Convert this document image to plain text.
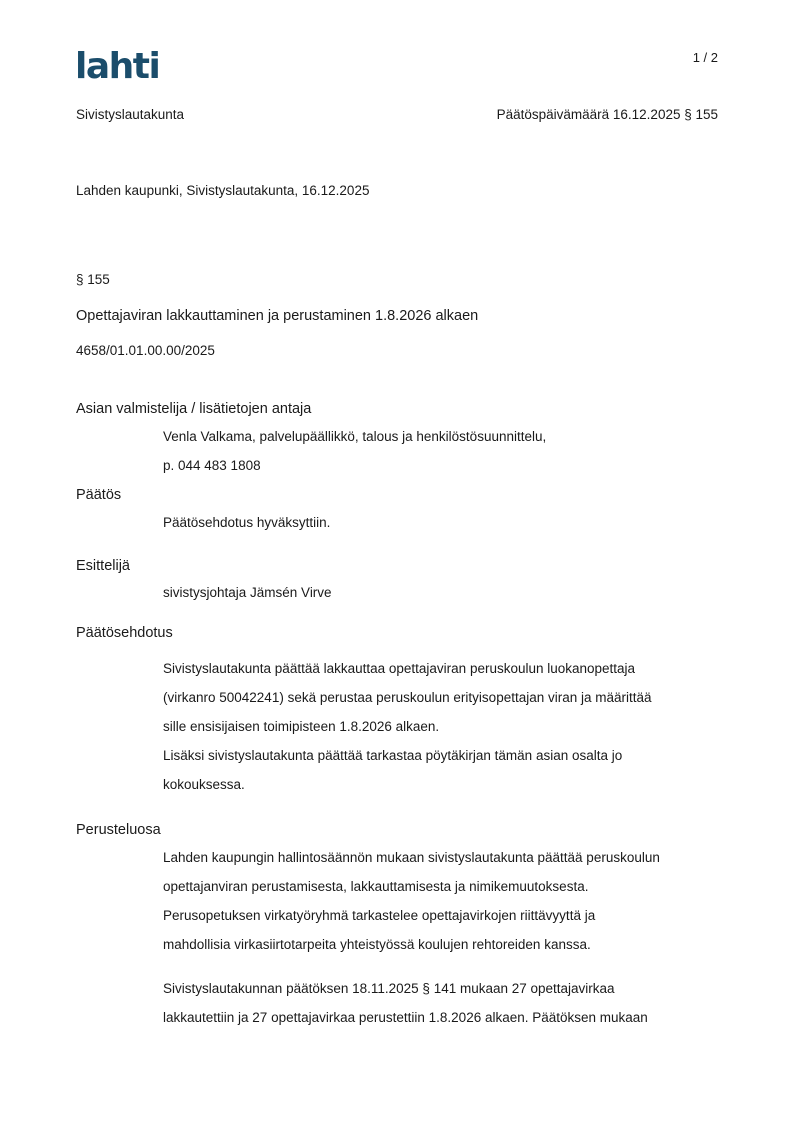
lahti	1 / 2
Sivistyslautakunta	Päätöspäivämäärä 16.12.2025 § 155
Lahden kaupunki, Sivistyslautakunta, 16.12.2025
§ 155
Opettajaviran lakkauttaminen ja perustaminen 1.8.2026 alkaen
4658/01.01.00.00/2025
Asian valmistelija / lisätietojen antaja
Venla Valkama, palvelupäällikkö, talous ja henkilöstösuunnittelu,
p. 044 483 1808
Päätös
Päätösehdotus hyväksyttiin.
Esittelijä
sivistysjohtaja Jämsén Virve
Päätösehdotus

Sivistyslautakunta päättää lakkauttaa opettajaviran peruskoulun luokanopettaja

(virkanro 50042241) sekä perustaa peruskoulun erityisopettajan viran ja määrittää

sille ensisijaisen toimipisteen 1.8.2026 alkaen.

Lisäksi sivistyslautakunta päättää tarkastaa pöytäkirjan tämän asian osalta jo

kokouksessa.

Perusteluosa

Lahden kaupungin hallintosäännön mukaan sivistyslautakunta päättää peruskoulun

opettajanviran perustamisesta, lakkauttamisesta ja nimikemuutoksesta.

Perusopetuksen virkatyöryhmä tarkastelee opettajavirkojen riittävyyttä ja

mahdollisia virkasiirtotarpeita yhteistyössä koulujen rehtoreiden kanssa.

Sivistyslautakunnan päätöksen 18.11.2025 § 141 mukaan 27 opettajavirkaa

lakkautettiin ja 27 opettajavirkaa perustettiin 1.8.2026 alkaen. Päätöksen mukaan
